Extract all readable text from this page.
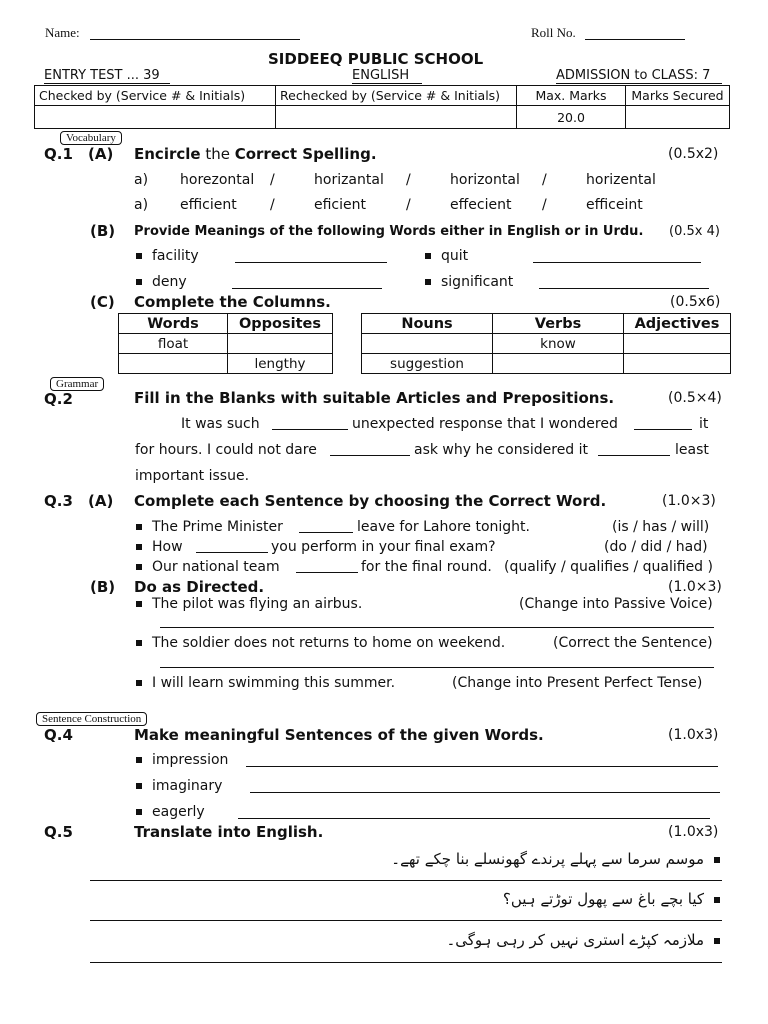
Name:	Roll No.
SIDDEEQ PUBLIC SCHOOL
ENTRY TEST ... 39	ENGLISH	ADMISSION to CLASS: 7
Checked by (Service # & Initials)	Rechecked by (Service # & Initials)	Max. Marks	Marks Secured
		20.0	
Vocabulary
Q.1 (A) Encircle the Correct Spelling.	(0.5x2)
a) horezontal /	horizantal /	horizontal /	horizental
a) efficient /	eficient	/	effecient /	efficeint
(B) Provide Meanings of the following Words either in English or in Urdu. (0.5x 4)
facility	quit
deny	significant
(C) Complete the Columns.	(0.5x6)
Words	Opposites
float	
	lengthy
Nouns	Verbs	Adjectives
	know	
suggestion		
Grammar
Q.2	Fill in the Blanks with suitable Articles and Prepositions.	(0.5×4)
It was such	unexpected response that I wondered	it
for hours. I could not dare	ask why he considered it	least
important issue.
Q.3 (A) Complete each Sentence by choosing the Correct Word.	(1.0×3)
The Prime Minister	leave for Lahore tonight.	(is / has / will)
How	you perform in your final exam?	(do / did / had)
Our national team	for the final round. (qualify / qualifies / qualified )
(B) Do as Directed.	(1.0×3)
The pilot was flying an airbus.	(Change into Passive Voice)
The soldier does not returns to home on weekend.	(Correct the Sentence)
I will learn swimming this summer.	(Change into Present Perfect Tense)
Sentence Construction
Q.4	Make meaningful Sentences of the given Words.	(1.0x3)
impression
imaginary
eagerly
Q.5	Translate into English.	(1.0x3)
موسم سرما سے پہلے پرندے گھونسلے بنا چکے تھے۔
کیا بچے باغ سے پھول توڑتے ہیں؟
ملازمہ کپڑے استری نہیں کر رہی ہوگی۔
